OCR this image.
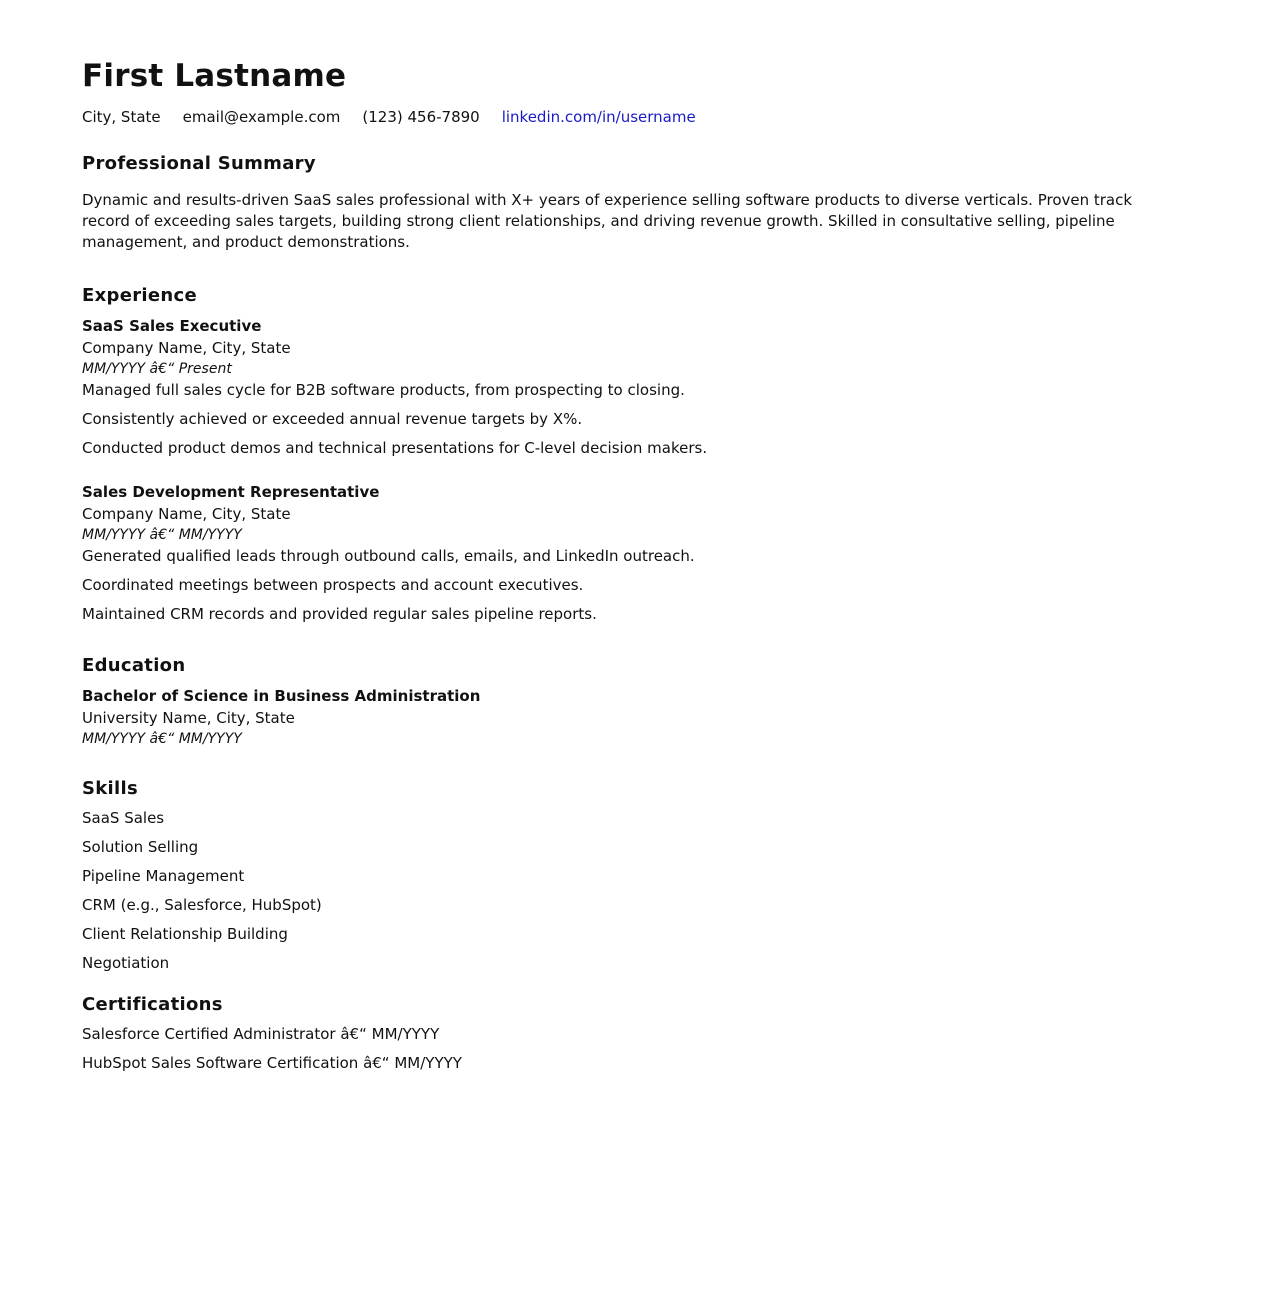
First Lastname
City, State email@example.com (123) 456-7890 linkedin.com/in/username
Professional Summary

Dynamic and results-driven SaaS sales professional with X+ years of experience selling software products to diverse verticals. Proven track record of exceeding sales targets, building strong client relationships, and driving revenue growth. Skilled in consultative selling, pipeline management, and product demonstrations.

Experience
SaaS Sales Executive
Company Name, City, State
MM/YYYY â€“ Present
Managed full sales cycle for B2B software products, from prospecting to closing.
Consistently achieved or exceeded annual revenue targets by X%.
Conducted product demos and technical presentations for C-level decision makers.
Sales Development Representative
Company Name, City, State
MM/YYYY â€“ MM/YYYY
Generated qualified leads through outbound calls, emails, and LinkedIn outreach.
Coordinated meetings between prospects and account executives.
Maintained CRM records and provided regular sales pipeline reports.
Education
Bachelor of Science in Business Administration
University Name, City, State
MM/YYYY â€“ MM/YYYY
Skills
SaaS Sales
Solution Selling
Pipeline Management
CRM (e.g., Salesforce, HubSpot)
Client Relationship Building
Negotiation
Certifications
Salesforce Certified Administrator â€“ MM/YYYY
HubSpot Sales Software Certification â€“ MM/YYYY
